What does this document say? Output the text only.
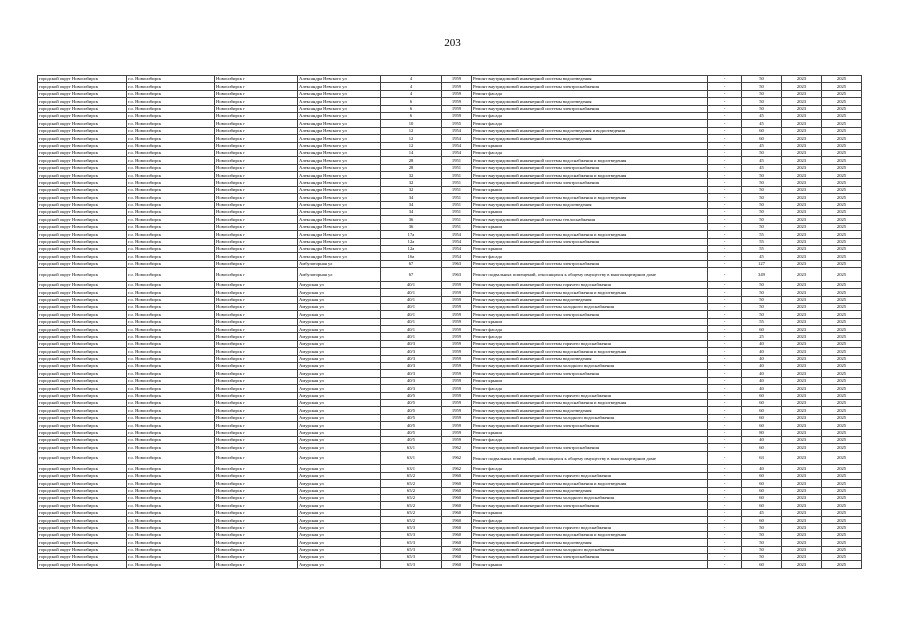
203
городской округ Новосибирск	г.о. Новосибирск	Новосибирск г	Александра Невского ул	4	1959	Ремонт внутридомовой инженерной системы водоотведения	-	50	2023	2025
городской округ Новосибирск	г.о. Новосибирск	Новосибирск г	Александра Невского ул	4	1959	Ремонт внутридомовой инженерной системы электроснабжения	-	50	2023	2025
городской округ Новосибирск	г.о. Новосибирск	Новосибирск г	Александра Невского ул	4	1959	Ремонт фасада	-	50	2023	2025
городской округ Новосибирск	г.о. Новосибирск	Новосибирск г	Александра Невского ул	6	1959	Ремонт внутридомовой инженерной системы водоотведения	-	50	2023	2025
городской округ Новосибирск	г.о. Новосибирск	Новосибирск г	Александра Невского ул	6	1959	Ремонт внутридомовой инженерной системы электроснабжения	-	50	2023	2025
городской округ Новосибирск	г.о. Новосибирск	Новосибирск г	Александра Невского ул	6	1959	Ремонт фасада	-	45	2023	2025
городской округ Новосибирск	г.о. Новосибирск	Новосибирск г	Александра Невского ул	10	1955	Ремонт фасада	-	45	2023	2025
городской округ Новосибирск	г.о. Новосибирск	Новосибирск г	Александра Невского ул	12	1954	Ремонт внутридомовой инженерной системы водоотведения и водоотведения	-	60	2023	2025
городской округ Новосибирск	г.о. Новосибирск	Новосибирск г	Александра Невского ул	12	1954	Ремонт внутридомовой инженерной системы водоотведения	-	60	2023	2025
городской округ Новосибирск	г.о. Новосибирск	Новосибирск г	Александра Невского ул	12	1954	Ремонт крыши	-	45	2023	2025
городской округ Новосибирск	г.о. Новосибирск	Новосибирск г	Александра Невского ул	14	1954	Ремонт фасада	-	50	2023	2025
городской округ Новосибирск	г.о. Новосибирск	Новосибирск г	Александра Невского ул	28	1951	Ремонт внутридомовой инженерной системы водоснабжения и водоотведения	-	45	2023	2025
городской округ Новосибирск	г.о. Новосибирск	Новосибирск г	Александра Невского ул	28	1951	Ремонт внутридомовой инженерной системы электроснабжения	-	45	2023	2025
городской округ Новосибирск	г.о. Новосибирск	Новосибирск г	Александра Невского ул	32	1951	Ремонт внутридомовой инженерной системы водоснабжения и водоотведения	-	50	2023	2025
городской округ Новосибирск	г.о. Новосибирск	Новосибирск г	Александра Невского ул	32	1951	Ремонт внутридомовой инженерной системы электроснабжения	-	50	2023	2025
городской округ Новосибирск	г.о. Новосибирск	Новосибирск г	Александра Невского ул	32	1951	Ремонт крыши	-	50	2023	2025
городской округ Новосибирск	г.о. Новосибирск	Новосибирск г	Александра Невского ул	34	1951	Ремонт внутридомовой инженерной системы водоснабжения и водоотведения	-	50	2023	2025
городской округ Новосибирск	г.о. Новосибирск	Новосибирск г	Александра Невского ул	34	1951	Ремонт внутридомовой инженерной системы водоотведения	-	50	2023	2025
городской округ Новосибирск	г.о. Новосибирск	Новосибирск г	Александра Невского ул	34	1951	Ремонт крыши	-	50	2023	2025
городской округ Новосибирск	г.о. Новосибирск	Новосибирск г	Александра Невского ул	36	1951	Ремонт внутридомовой инженерной системы теплоснабжения	-	50	2023	2025
городской округ Новосибирск	г.о. Новосибирск	Новосибирск г	Александра Невского ул	36	1951	Ремонт крыши	-	50	2023	2025
городской округ Новосибирск	г.о. Новосибирск	Новосибирск г	Александра Невского ул	17а	1954	Ремонт внутридомовой инженерной системы водоснабжения и водоотведения	-	55	2023	2025
городской округ Новосибирск	г.о. Новосибирск	Новосибирск г	Александра Невского ул	12а	1954	Ремонт внутридомовой инженерной системы электроснабжения	-	55	2023	2025
городской округ Новосибирск	г.о. Новосибирск	Новосибирск г	Александра Невского ул	12а	1954	Ремонт крыши	-	55	2023	2025
городской округ Новосибирск	г.о. Новосибирск	Новосибирск г	Александра Невского ул	16а	1954	Ремонт фасада	-	45	2023	2025
городской округ Новосибирск	г.о. Новосибирск	Новосибирск г	Амбулаторная ул	67	1963	Ремонт внутридомовой инженерной системы электроснабжения	-	127	2023	2025
городской округ Новосибирск	г.о. Новосибирск	Новосибирск г	Амбулаторная ул	67	1963	Ремонт подвальных помещений, относящихся к общему имуществу в многоквартирном доме	-	349	2023	2025
городской округ Новосибирск	г.о. Новосибирск	Новосибирск г	Амурская ул	40/1	1959	Ремонт внутридомовой инженерной системы горячего водоснабжения	-	50	2023	2025
городской округ Новосибирск	г.о. Новосибирск	Новосибирск г	Амурская ул	40/1	1959	Ремонт внутридомовой инженерной системы водоснабжения и водоотведения	-	50	2023	2025
городской округ Новосибирск	г.о. Новосибирск	Новосибирск г	Амурская ул	40/1	1959	Ремонт внутридомовой инженерной системы водоотведения	-	50	2023	2025
городской округ Новосибирск	г.о. Новосибирск	Новосибирск г	Амурская ул	40/1	1959	Ремонт внутридомовой инженерной системы холодного водоснабжения	-	50	2023	2025
городской округ Новосибирск	г.о. Новосибирск	Новосибирск г	Амурская ул	40/1	1959	Ремонт внутридомовой инженерной системы электроснабжения	-	50	2023	2025
городской округ Новосибирск	г.о. Новосибирск	Новосибирск г	Амурская ул	40/1	1959	Ремонт крыши	-	55	2023	2025
городской округ Новосибирск	г.о. Новосибирск	Новосибирск г	Амурская ул	40/1	1959	Ремонт фасада	-	60	2023	2025
городской округ Новосибирск	г.о. Новосибирск	Новосибирск г	Амурская ул	40/1	1959	Ремонт фасада	-	25	2023	2025
городской округ Новосибирск	г.о. Новосибирск	Новосибирск г	Амурская ул	40/3	1959	Ремонт внутридомовой инженерной системы горячего водоснабжения	-	40	2023	2025
городской округ Новосибирск	г.о. Новосибирск	Новосибирск г	Амурская ул	40/3	1959	Ремонт внутридомовой инженерной системы водоснабжения и водоотведения	-	40	2023	2025
городской округ Новосибирск	г.о. Новосибирск	Новосибирск г	Амурская ул	40/3	1959	Ремонт внутридомовой инженерной системы водоотведения	-	40	2023	2025
городской округ Новосибирск	г.о. Новосибирск	Новосибирск г	Амурская ул	40/3	1959	Ремонт внутридомовой инженерной системы холодного водоснабжения	-	40	2023	2025
городской округ Новосибирск	г.о. Новосибирск	Новосибирск г	Амурская ул	40/3	1959	Ремонт внутридомовой инженерной системы электроснабжения	-	40	2023	2025
городской округ Новосибирск	г.о. Новосибирск	Новосибирск г	Амурская ул	40/3	1959	Ремонт крыши	-	40	2023	2025
городской округ Новосибирск	г.о. Новосибирск	Новосибирск г	Амурская ул	40/3	1959	Ремонт фасада	-	40	2023	2025
городской округ Новосибирск	г.о. Новосибирск	Новосибирск г	Амурская ул	40/5	1959	Ремонт внутридомовой инженерной системы горячего водоснабжения	-	60	2023	2025
городской округ Новосибирск	г.о. Новосибирск	Новосибирск г	Амурская ул	40/5	1959	Ремонт внутридомовой инженерной системы водоснабжения и водоотведения	-	60	2023	2025
городской округ Новосибирск	г.о. Новосибирск	Новосибирск г	Амурская ул	40/5	1959	Ремонт внутридомовой инженерной системы водоотведения	-	60	2023	2025
городской округ Новосибирск	г.о. Новосибирск	Новосибирск г	Амурская ул	40/5	1959	Ремонт внутридомовой инженерной системы холодного водоснабжения	-	60	2023	2025
городской округ Новосибирск	г.о. Новосибирск	Новосибирск г	Амурская ул	40/5	1959	Ремонт внутридомовой инженерной системы электроснабжения	-	60	2023	2025
городской округ Новосибирск	г.о. Новосибирск	Новосибирск г	Амурская ул	40/5	1959	Ремонт крыши	-	80	2023	2025
городской округ Новосибирск	г.о. Новосибирск	Новосибирск г	Амурская ул	40/5	1959	Ремонт фасада	-	40	2023	2025
городской округ Новосибирск	г.о. Новосибирск	Новосибирск г	Амурская ул	63/1	1962	Ремонт внутридомовой инженерной системы электроснабжения	-	60	2023	2025
городской округ Новосибирск	г.о. Новосибирск	Новосибирск г	Амурская ул	63/1	1962	Ремонт подвальных помещений, относящихся к общему имуществу в многоквартирном доме	-	63	2023	2025
городской округ Новосибирск	г.о. Новосибирск	Новосибирск г	Амурская ул	63/1	1962	Ремонт фасада	-	40	2023	2025
городской округ Новосибирск	г.о. Новосибирск	Новосибирск г	Амурская ул	65/2	1960	Ремонт внутридомовой инженерной системы горячего водоснабжения	-	60	2023	2025
городской округ Новосибирск	г.о. Новосибирск	Новосибирск г	Амурская ул	65/2	1960	Ремонт внутридомовой инженерной системы водоснабжения и водоотведения	-	60	2023	2025
городской округ Новосибирск	г.о. Новосибирск	Новосибирск г	Амурская ул	65/2	1960	Ремонт внутридомовой инженерной системы водоотведения	-	60	2023	2025
городской округ Новосибирск	г.о. Новосибирск	Новосибирск г	Амурская ул	65/2	1960	Ремонт внутридомовой инженерной системы холодного водоснабжения	-	60	2023	2025
городской округ Новосибирск	г.о. Новосибирск	Новосибирск г	Амурская ул	65/2	1960	Ремонт внутридомовой инженерной системы электроснабжения	-	60	2023	2025
городской округ Новосибирск	г.о. Новосибирск	Новосибирск г	Амурская ул	65/2	1960	Ремонт крыши	-	45	2023	2025
городской округ Новосибирск	г.о. Новосибирск	Новосибирск г	Амурская ул	65/2	1960	Ремонт фасада	-	60	2023	2025
городской округ Новосибирск	г.о. Новосибирск	Новосибирск г	Амурская ул	65/3	1960	Ремонт внутридомовой инженерной системы горячего водоснабжения	-	50	2023	2025
городской округ Новосибирск	г.о. Новосибирск	Новосибирск г	Амурская ул	65/3	1960	Ремонт внутридомовой инженерной системы водоснабжения и водоотведения	-	50	2023	2025
городской округ Новосибирск	г.о. Новосибирск	Новосибирск г	Амурская ул	65/3	1960	Ремонт внутридомовой инженерной системы водоотведения	-	50	2023	2025
городской округ Новосибирск	г.о. Новосибирск	Новосибирск г	Амурская ул	65/3	1960	Ремонт внутридомовой инженерной системы холодного водоснабжения	-	50	2023	2025
городской округ Новосибирск	г.о. Новосибирск	Новосибирск г	Амурская ул	65/3	1960	Ремонт внутридомовой инженерной системы электроснабжения	-	50	2023	2025
городской округ Новосибирск	г.о. Новосибирск	Новосибирск г	Амурская ул	65/3	1960	Ремонт крыши	-	60	2023	2025
